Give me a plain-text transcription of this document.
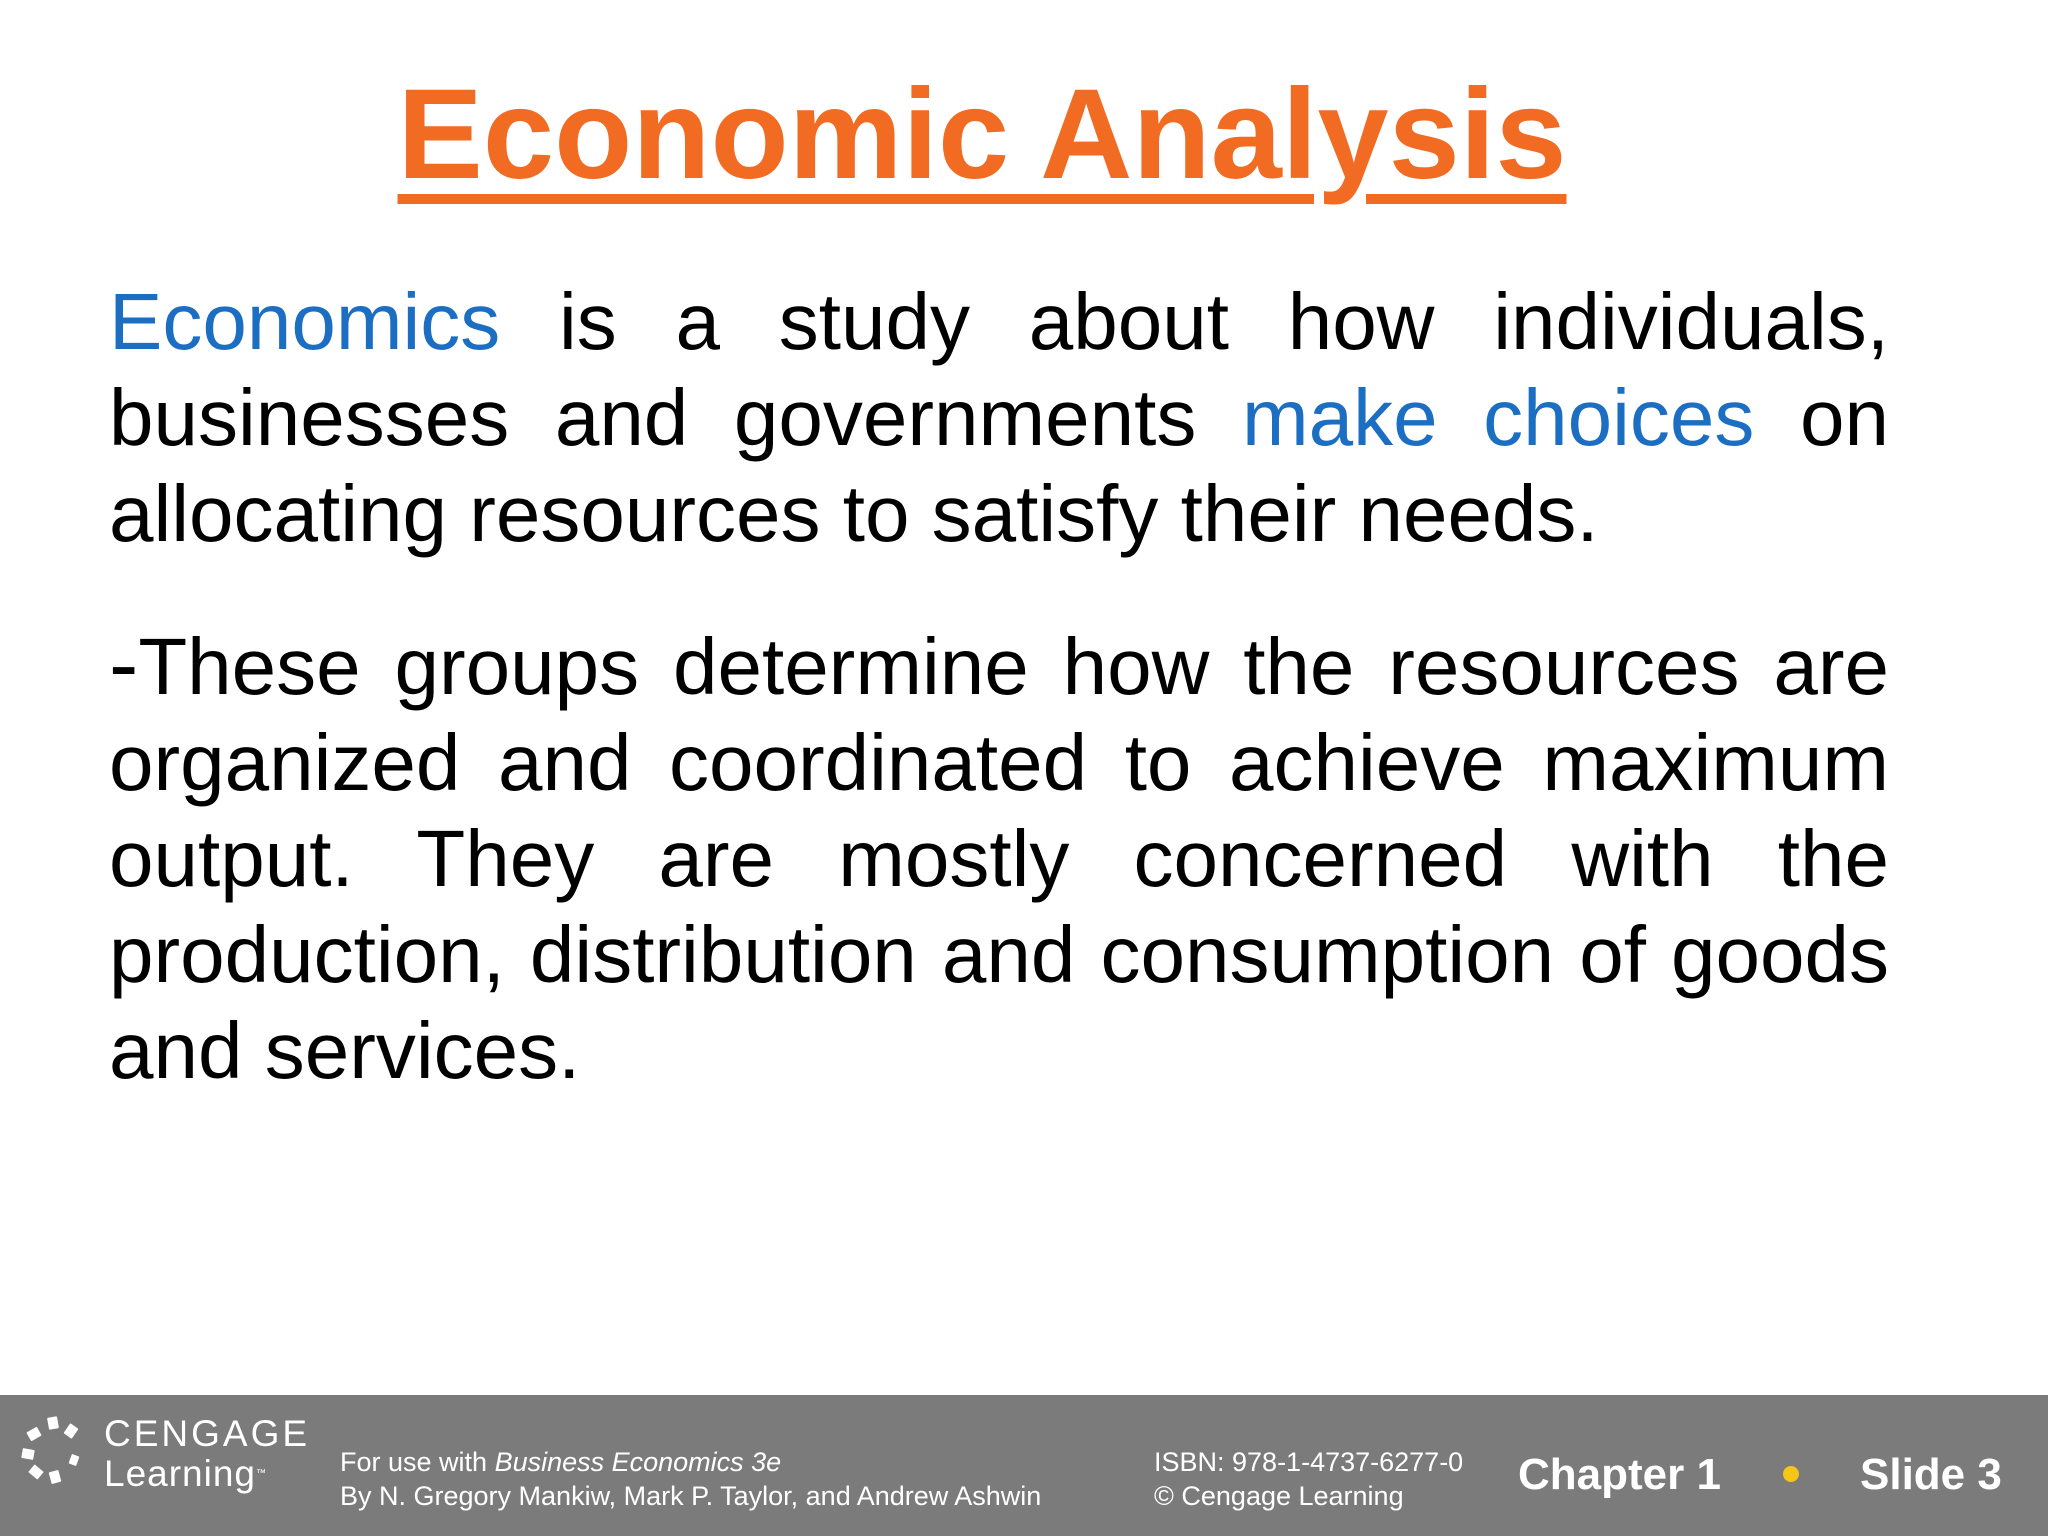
Economic Analysis

Economics is a study about how individuals, businesses and governments make choices on allocating resources to satisfy their needs.

-These groups determine how the resources are organized and coordinated to achieve maximum output. They are mostly concerned with the production, distribution and consumption of goods and services.

CENGAGE
Learning™	For use with Business Economics 3e
By N. Gregory Mankiw, Mark P. Taylor, and Andrew Ashwin
ISBN: 978-1-4737-6277-0
© Cengage Learning	Chapter 1	Slide 3
